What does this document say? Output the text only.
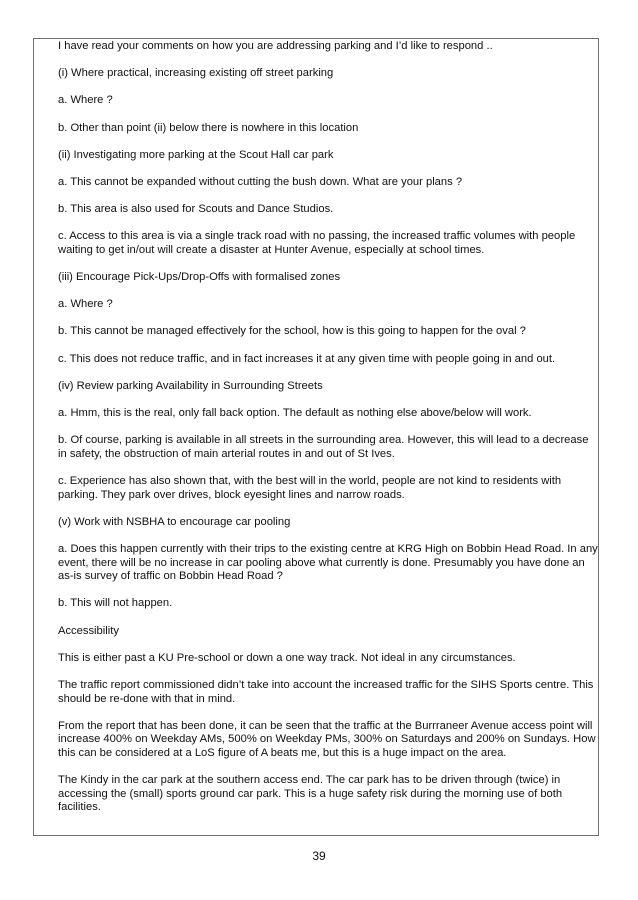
I have read your comments on how you are addressing parking and I’d like to respond ..

(i) Where practical, increasing existing off street parking

a. Where ?

b. Other than point (ii) below there is nowhere in this location

(ii) Investigating more parking at the Scout Hall car park

a. This cannot be expanded without cutting the bush down. What are your plans ?

b. This area is also used for Scouts and Dance Studios.

c. Access to this area is via a single track road with no passing, the increased traffic volumes with people waiting to get in/out will create a disaster at Hunter Avenue, especially at school times.

(iii) Encourage Pick-Ups/Drop-Offs with formalised zones

a. Where ?

b. This cannot be managed effectively for the school, how is this going to happen for the oval ?

c. This does not reduce traffic, and in fact increases it at any given time with people going in and out.

(iv) Review parking Availability in Surrounding Streets

a. Hmm, this is the real, only fall back option. The default as nothing else above/below will work.

b. Of course, parking is available in all streets in the surrounding area. However, this will lead to a decrease in safety, the obstruction of main arterial routes in and out of St Ives.

c. Experience has also shown that, with the best will in the world, people are not kind to residents with parking. They park over drives, block eyesight lines and narrow roads.

(v) Work with NSBHA to encourage car pooling

a. Does this happen currently with their trips to the existing centre at KRG High on Bobbin Head Road. In any event, there will be no increase in car pooling above what currently is done. Presumably you have done an as-is survey of traffic on Bobbin Head Road ?

b. This will not happen.

Accessibility

This is either past a KU Pre-school or down a one way track. Not ideal in any circumstances.

The traffic report commissioned didn’t take into account the increased traffic for the SIHS Sports centre. This should be re-done with that in mind.

From the report that has been done, it can be seen that the traffic at the Burrraneer Avenue access point will increase 400% on Weekday AMs, 500% on Weekday PMs, 300% on Saturdays and 200% on Sundays. How this can be considered at a LoS figure of A beats me, but this is a huge impact on the area.

The Kindy in the car park at the southern access end. The car park has to be driven through (twice) in accessing the (small) sports ground car park. This is a huge safety risk during the morning use of both facilities.

39
